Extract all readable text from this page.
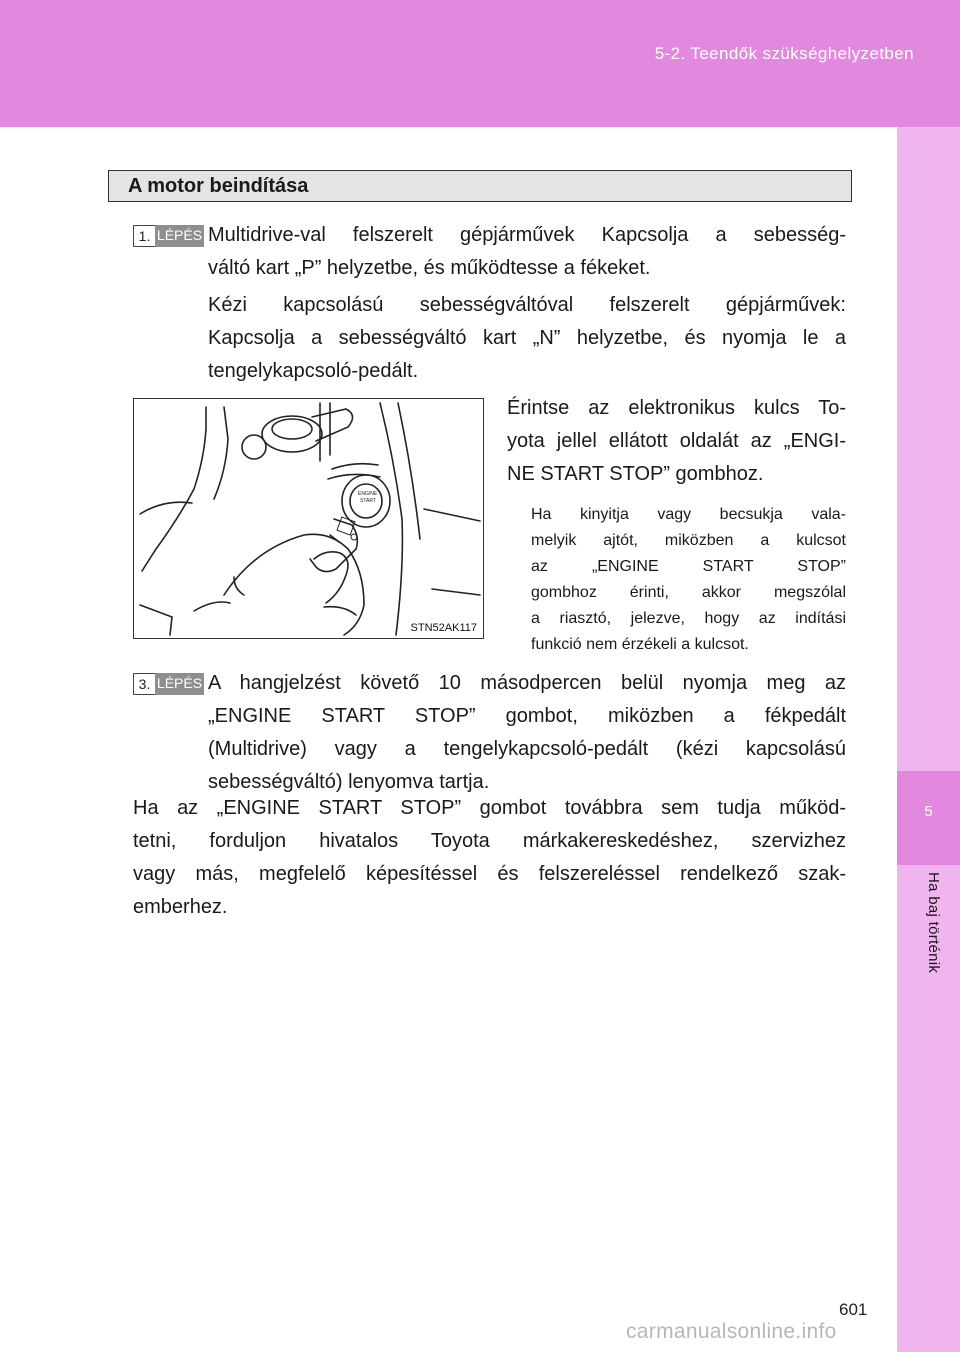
5-2. Teendők szükséghelyzetben
5
Ha baj történik
A motor beindítása
1. LÉPÉS Multidrive-val felszerelt gépjárművek Kapcsolja a sebesség-
váltó kart „P” helyzetbe, és működtesse a fékeket.
Kézi kapcsolású sebességváltóval felszerelt gépjárművek:
Kapcsolja a sebességváltó kart „N” helyzetbe, és nyomja le a
tengelykapcsoló-pedált.
ENGINE
START
STN52AK117
Érintse az elektronikus kulcs To-
yota jellel ellátott oldalát az „ENGI-
NE START STOP” gombhoz.
Ha kinyitja vagy becsukja vala-
melyik ajtót, miközben a kulcsot
az „ENGINE START STOP”
gombhoz érinti, akkor megszólal
a riasztó, jelezve, hogy az indítási
funkció nem érzékeli a kulcsot.
3. LÉPÉS A hangjelzést követő 10 másodpercen belül nyomja meg az
„ENGINE START STOP” gombot, miközben a fékpedált
(Multidrive) vagy a tengelykapcsoló-pedált (kézi kapcsolású
sebességváltó) lenyomva tartja.
Ha az „ENGINE START STOP” gombot továbbra sem tudja működ-
tetni, forduljon hivatalos Toyota márkakereskedéshez, szervizhez
vagy más, megfelelő képesítéssel és felszereléssel rendelkező szak-
emberhez.
601
carmanualsonline.info
